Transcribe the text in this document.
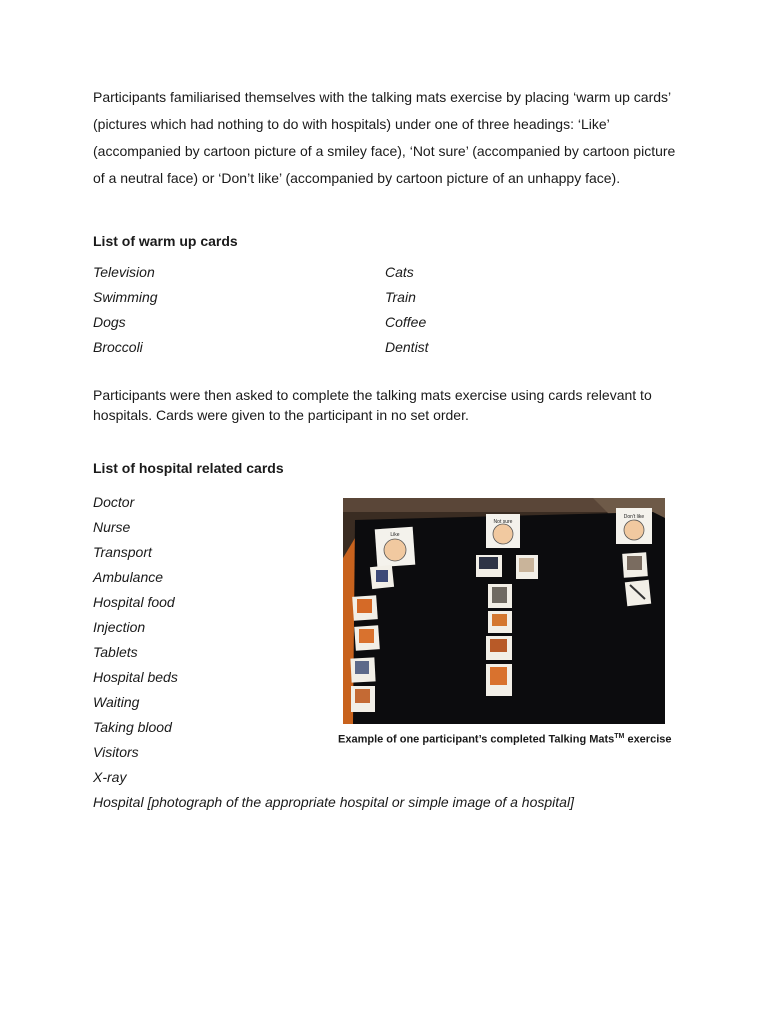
Participants familiarised themselves with the talking mats exercise by placing ‘warm up cards’ (pictures which had nothing to do with hospitals) under one of three headings: ‘Like’ (accompanied by cartoon picture of a smiley face), ‘Not sure’ (accompanied by cartoon picture of a neutral face) or ‘Don’t like’ (accompanied by cartoon picture of an unhappy face).
List of warm up cards
Television	Cats
Swimming	Train
Dogs	Coffee
Broccoli	Dentist
Participants were then asked to complete the talking mats exercise using cards relevant to hospitals. Cards were given to the participant in no set order.
List of hospital related cards
Doctor
Nurse
Transport
Ambulance
Hospital food
Injection
Tablets
Hospital beds
Waiting
Taking blood
Visitors
X-ray
Hospital [photograph of the appropriate hospital or simple image of a hospital]
Like
Not sure
Don't like
Example of one participant’s completed Talking Mats™ exercise
